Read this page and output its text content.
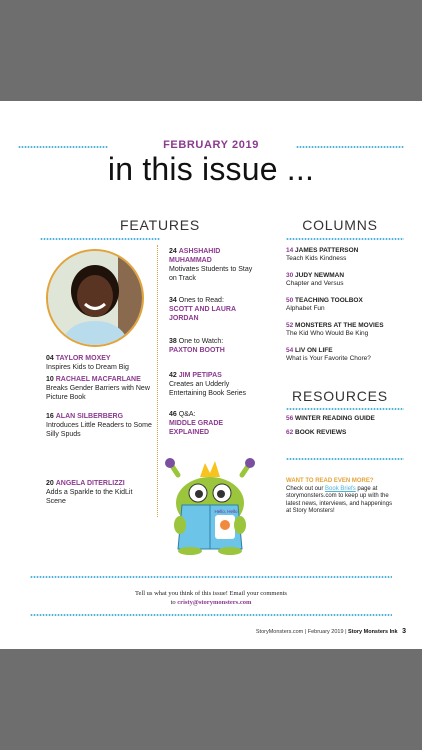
FEBRUARY 2019
in this issue ...
FEATURES
04 TAYLOR MOXEY
Inspires Kids to Dream Big
10 RACHAEL MACFARLANE
Breaks Gender Barriers with New Picture Book
16 ALAN SILBERBERG
Introduces Little Readers to Some Silly Spuds
20 ANGELA DITERLIZZI
Adds a Sparkle to the KidLit Scene
24 ASHSHAHID MUHAMMAD
Motivates Students to Stay on Track
34 Ones to Read:
SCOTT AND LAURA JORDAN
38 One to Watch:
PAXTON BOOTH
42 JIM PETIPAS
Creates an Udderly Entertaining Book Series
46 Q&A:
MIDDLE GRADE EXPLAINED
Hello, Hello
COLUMNS
14 JAMES PATTERSON
Teach Kids Kindness
30 JUDY NEWMAN
Chapter and Versus
50 TEACHING TOOLBOX
Alphabet Fun
52 MONSTERS AT THE MOVIES
The Kid Who Would Be King
54 LIV ON LIFE
What is Your Favorite Chore?
RESOURCES
56 WINTER READING GUIDE
62 BOOK REVIEWS
WANT TO READ EVEN MORE?
Check out our Book Briefs page at storymonsters.com to keep up with the latest news, interviews, and happenings at Story Monsters!
Tell us what you think of this issue! Email your comments
to cristy@storymonsters.com
StoryMonsters.com | February 2019 | Story Monsters Ink 3
